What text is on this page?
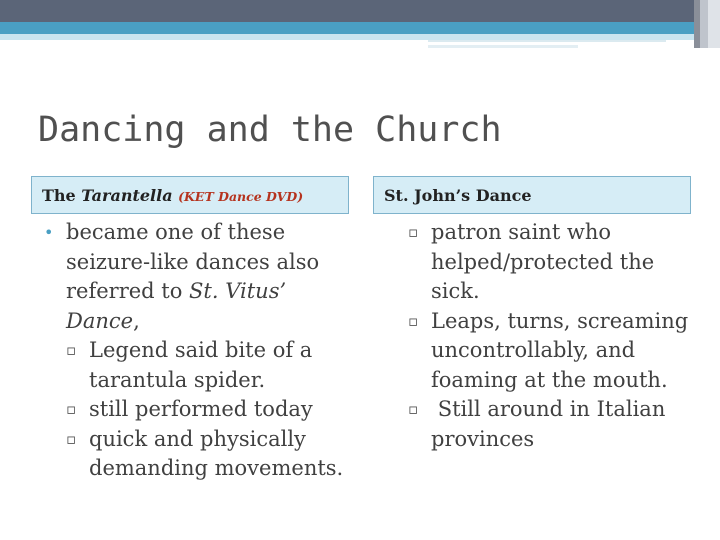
Dancing and the Church
The Tarantella (KET Dance DVD)	St. John’s Dance
• became one of these seizure-like dances also referred to St. Vitus’ Dance,
▫ Legend said bite of a tarantula spider.
▫ still performed today
▫ quick and physically demanding movements.
▫ patron saint who helped/protected the sick.
▫ Leaps, turns, screaming uncontrollably, and foaming at the mouth.
▫ Still around in Italian provinces
